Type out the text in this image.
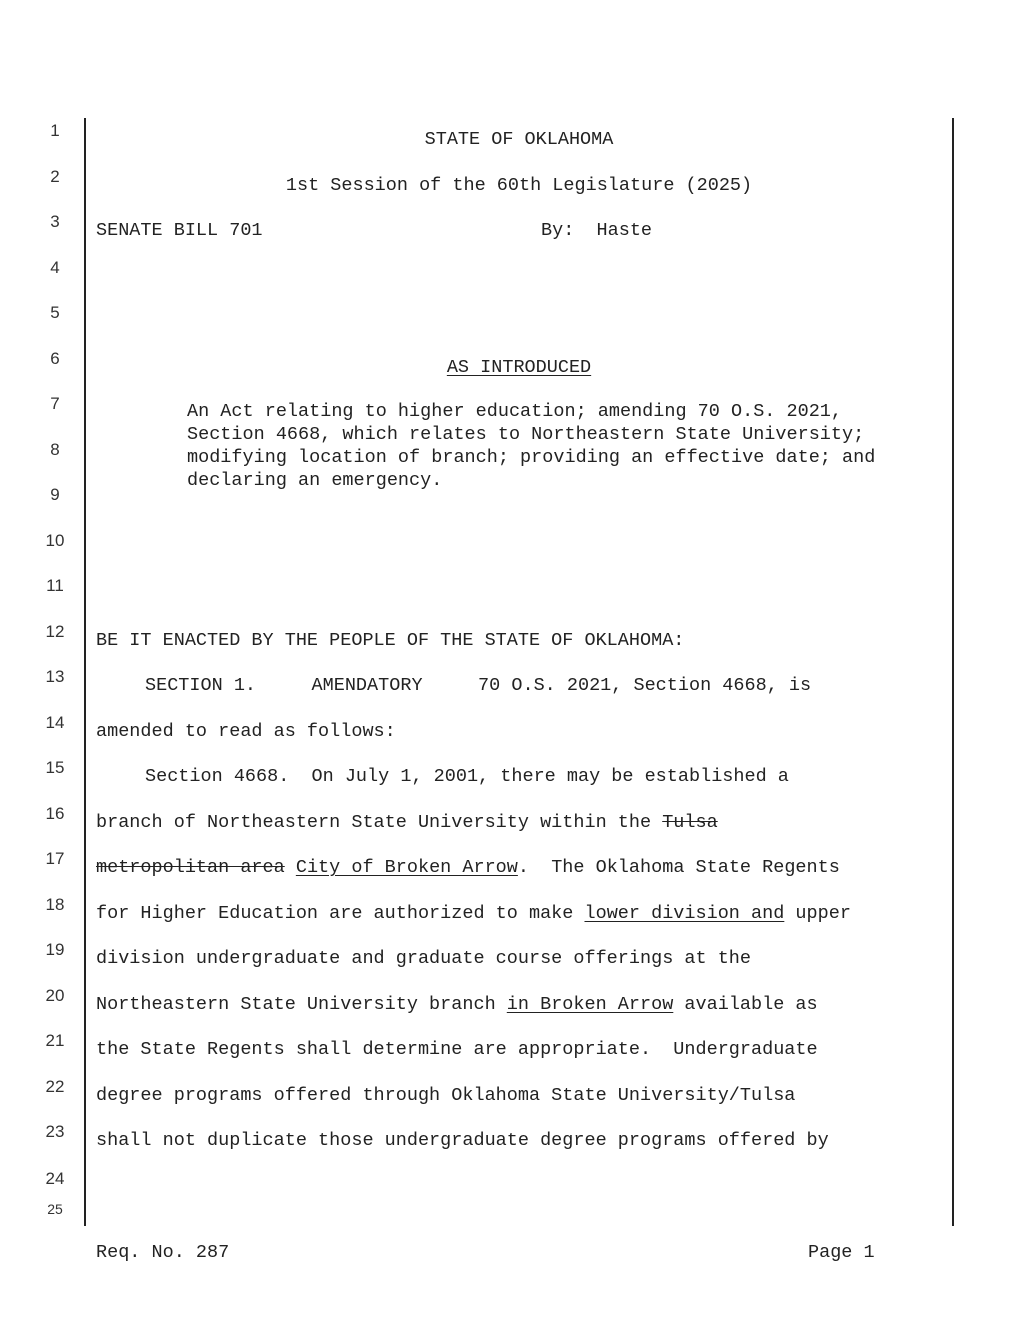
1
2
3
4
5
6
7
8
9
10
11
12
13
14
15
16
17
18
19
20
21
22
23
24
25
STATE OF OKLAHOMA
1st Session of the 60th Legislature (2025)
SENATE BILL 701	By:  Haste
AS INTRODUCED
An Act relating to higher education; amending 70 O.S. 2021, Section 4668, which relates to Northeastern State University; modifying location of branch; providing an effective date; and declaring an emergency.
BE IT ENACTED BY THE PEOPLE OF THE STATE OF OKLAHOMA:
SECTION 1.     AMENDATORY     70 O.S. 2021, Section 4668, is
amended to read as follows:
Section 4668.  On July 1, 2001, there may be established a
branch of Northeastern State University within the Tulsa
metropolitan area City of Broken Arrow.  The Oklahoma State Regents
for Higher Education are authorized to make lower division and upper
division undergraduate and graduate course offerings at the
Northeastern State University branch in Broken Arrow available as
the State Regents shall determine are appropriate.  Undergraduate
degree programs offered through Oklahoma State University/Tulsa
shall not duplicate those undergraduate degree programs offered by
Req. No. 287	Page 1
